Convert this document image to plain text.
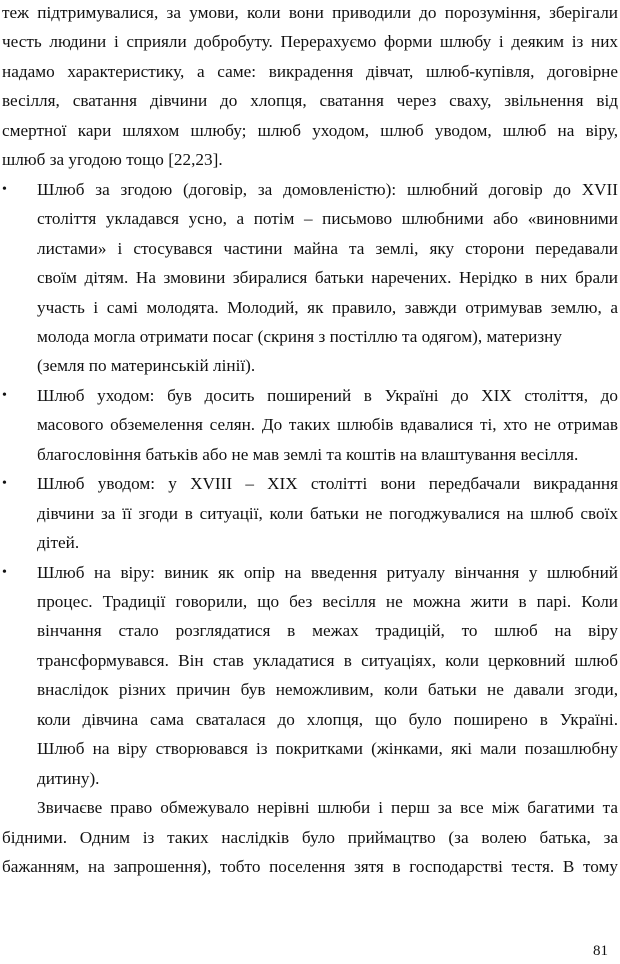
81
теж підтримувалися, за умови, коли вони приводили до порозуміння, зберігали
честь людини і сприяли добробуту. Перерахуємо форми шлюбу і деяким із них
надамо характеристику, а саме: викрадення дівчат, шлюб-купівля, договірне
весілля, сватання дівчини до хлопця, сватання через сваху, звільнення від
смертної кари шляхом шлюбу; шлюб уходом, шлюб уводом, шлюб на віру,
шлюб за угодою тощо [22,23].
• Шлюб за згодою (договір, за домовленістю): шлюбний договір до XVII
століття укладався усно, а потім – письмово шлюбними або «виновними
листами» і стосувався частини майна та землі, яку сторони передавали
своїм дітям. На змовини збиралися батьки наречених. Нерідко в них брали
участь і самі молодята. Молодий, як правило, завжди отримував землю, а
молода могла отримати посаг (скриня з постіллю та одягом), материзну
(земля по материнській лінії).
• Шлюб уходом: був досить поширений в Україні до XIX століття, до
масового обземелення селян. До таких шлюбів вдавалися ті, хто не отримав
благословіння батьків або не мав землі та коштів на влаштування весілля.
• Шлюб уводом: у XVIII – XIX столітті вони передбачали викрадання
дівчини за її згоди в ситуації, коли батьки не погоджувалися на шлюб своїх
дітей.
• Шлюб на віру: виник як опір на введення ритуалу вінчання у шлюбний
процес. Традиції говорили, що без весілля не можна жити в парі. Коли
вінчання стало розглядатися в межах традицій, то шлюб на віру
трансформувався. Він став укладатися в ситуаціях, коли церковний шлюб
внаслідок різних причин був неможливим, коли батьки не давали згоди,
коли дівчина сама сваталася до хлопця, що було поширено в Україні.
Шлюб на віру створювався із покритками (жінками, які мали позашлюбну
дитину).
Звичаєве право обмежувало нерівні шлюби і перш за все між багатими та
бідними. Одним із таких наслідків було приймацтво (за волею батька, за
бажанням, на запрошення), тобто поселення зятя в господарстві тестя. В тому
